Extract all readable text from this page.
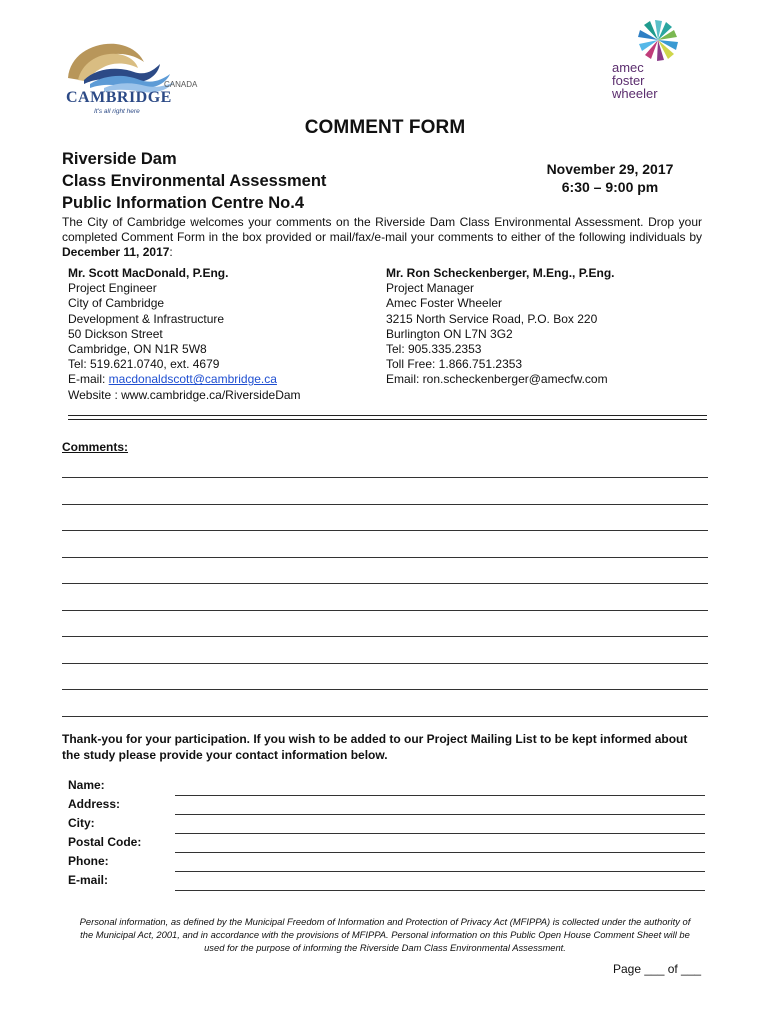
CANADA
CAMBRIDGE
It's all right here
amec
foster
wheeler
COMMENT FORM
Riverside Dam
Class Environmental Assessment
Public Information Centre No.4
November 29, 2017
6:30 – 9:00 pm
The City of Cambridge welcomes your comments on the Riverside Dam Class Environmental Assessment. Drop your completed Comment Form in the box provided or mail/fax/e-mail your comments to either of the following individuals by December 11, 2017:
Mr. Scott MacDonald, P.Eng.
Project Engineer
City of Cambridge
Development & Infrastructure
50 Dickson Street
Cambridge, ON N1R 5W8
Tel: 519.621.0740, ext. 4679
E-mail: macdonaldscott@cambridge.ca
Website : www.cambridge.ca/RiversideDam
Mr. Ron Scheckenberger, M.Eng., P.Eng.
Project Manager
Amec Foster Wheeler
3215 North Service Road, P.O. Box 220
Burlington ON L7N 3G2
Tel: 905.335.2353
Toll Free: 1.866.751.2353
Email: ron.scheckenberger@amecfw.com
Comments:
Thank-you for your participation. If you wish to be added to our Project Mailing List to be kept informed about the study please provide your contact information below.
Name:
Address:
City:
Postal Code:
Phone:
E-mail:
Personal information, as defined by the Municipal Freedom of Information and Protection of Privacy Act (MFIPPA) is collected under the authority of the Municipal Act, 2001, and in accordance with the provisions of MFIPPA. Personal information on this Public Open House Comment Sheet will be used for the purpose of informing the Riverside Dam Class Environmental Assessment.
Page ___ of ___
